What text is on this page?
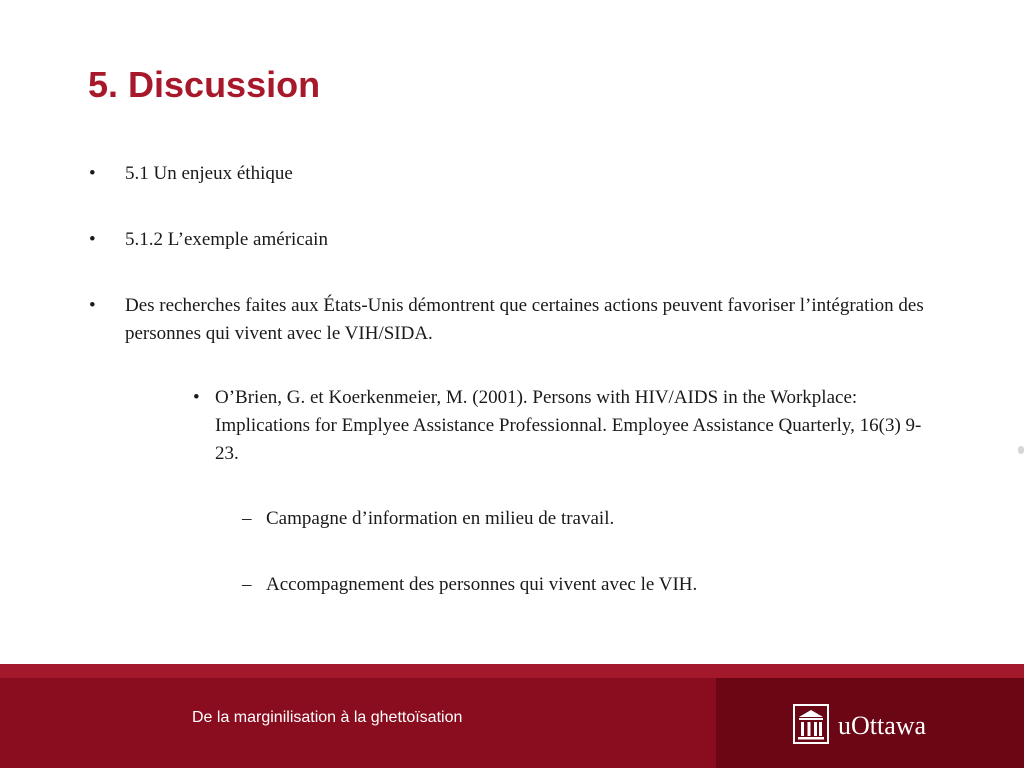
5. Discussion
• 5.1 Un enjeux éthique
• 5.1.2 L’exemple américain
• Des recherches faites aux États-Unis démontrent que certaines actions peuvent favoriser l’intégration des personnes qui vivent avec le VIH/SIDA.
• O’Brien, G. et Koerkenmeier, M. (2001). Persons with HIV/AIDS in the Workplace: Implications for Emplyee Assistance Professionnal. Employee Assistance Quarterly, 16(3) 9-23.
– Campagne d’information en milieu de travail.
– Accompagnement des personnes qui vivent avec le VIH.
De la marginilisation à la ghettoïsation	uOttawa
